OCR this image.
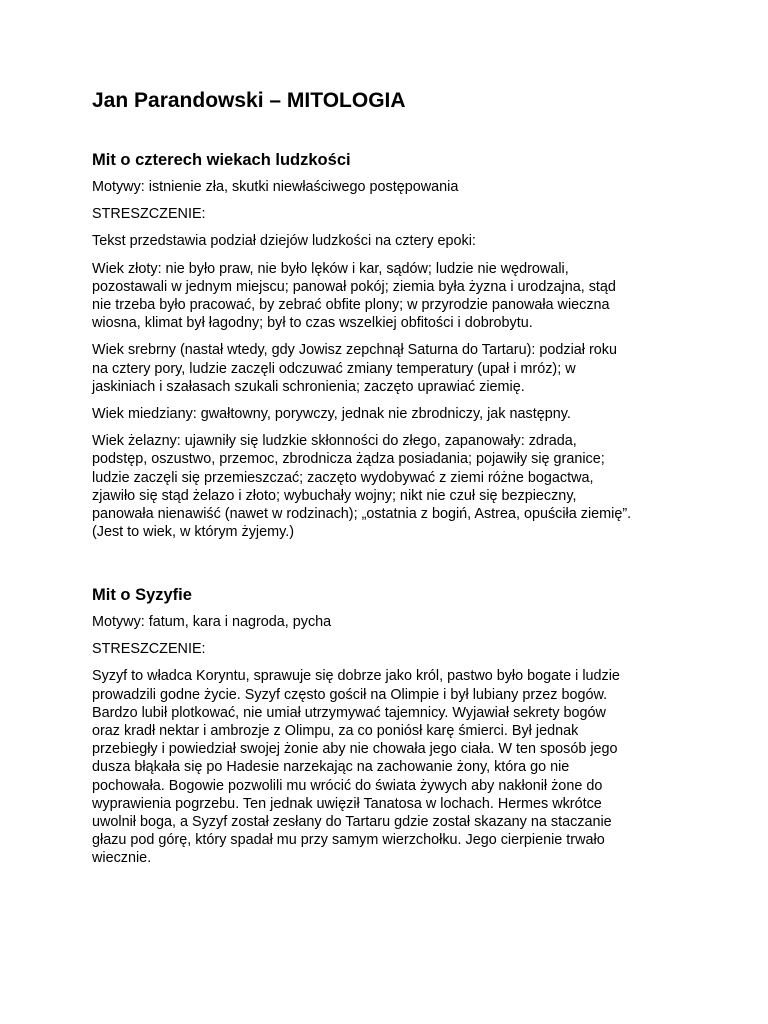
Jan Parandowski – MITOLOGIA
Mit o czterech wiekach ludzkości

Motywy: istnienie zła, skutki niewłaściwego postępowania

STRESZCZENIE:

Tekst przedstawia podział dziejów ludzkości na cztery epoki:

Wiek złoty: nie było praw, nie było lęków i kar, sądów; ludzie nie wędrowali,
pozostawali w jednym miejscu; panował pokój; ziemia była żyzna i urodzajna, stąd
nie trzeba było pracować, by zebrać obfite plony; w przyrodzie panowała wieczna
wiosna, klimat był łagodny; był to czas wszelkiej obfitości i dobrobytu.

Wiek srebrny (nastał wtedy, gdy Jowisz zepchnął Saturna do Tartaru): podział roku
na cztery pory, ludzie zaczęli odczuwać zmiany temperatury (upał i mróz); w
jaskiniach i szałasach szukali schronienia; zaczęto uprawiać ziemię.

Wiek miedziany: gwałtowny, porywczy, jednak nie zbrodniczy, jak następny.

Wiek żelazny: ujawniły się ludzkie skłonności do złego, zapanowały: zdrada,
podstęp, oszustwo, przemoc, zbrodnicza żądza posiadania; pojawiły się granice;
ludzie zaczęli się przemieszczać; zaczęto wydobywać z ziemi różne bogactwa,
zjawiło się stąd żelazo i złoto; wybuchały wojny; nikt nie czuł się bezpieczny,
panowała nienawiść (nawet w rodzinach); „ostatnia z bogiń, Astrea, opuściła ziemię”.
(Jest to wiek, w którym żyjemy.)

Mit o Syzyfie

Motywy: fatum, kara i nagroda, pycha

STRESZCZENIE:

Syzyf to władca Koryntu, sprawuje się dobrze jako król, pastwo było bogate i ludzie
prowadzili godne życie. Syzyf często gościł na Olimpie i był lubiany przez bogów.
Bardzo lubił plotkować, nie umiał utrzymywać tajemnicy. Wyjawiał sekrety bogów
oraz kradł nektar i ambrozje z Olimpu, za co poniósł karę śmierci. Był jednak
przebiegły i powiedział swojej żonie aby nie chowała jego ciała. W ten sposób jego
dusza błąkała się po Hadesie narzekając na zachowanie żony, która go nie
pochowała. Bogowie pozwolili mu wrócić do świata żywych aby nakłonił żone do
wyprawienia pogrzebu. Ten jednak uwięził Tanatosa w lochach. Hermes wkrótce
uwolnił boga, a Syzyf został zesłany do Tartaru gdzie został skazany na staczanie
głazu pod górę, który spadał mu przy samym wierzchołku. Jego cierpienie trwało
wiecznie.
